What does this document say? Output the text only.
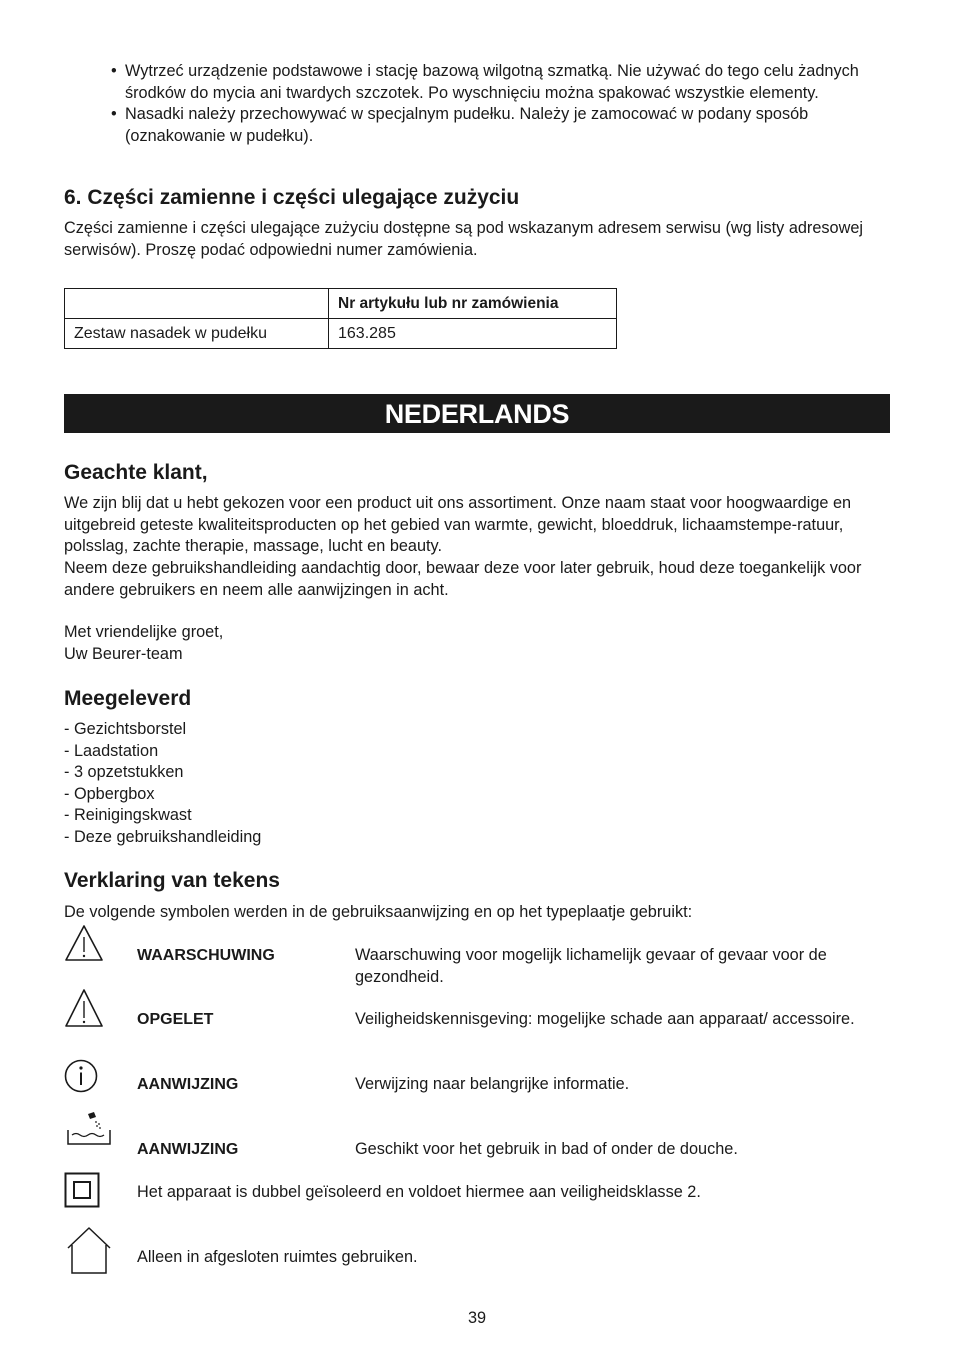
• Wytrzeć urządzenie podstawowe i stację bazową wilgotną szmatką. Nie używać do tego celu żadnych środków do mycia ani twardych szczotek. Po wyschnięciu można spakować wszystkie elementy.
• Nasadki należy przechowywać w specjalnym pudełku. Należy je zamocować w podany sposób (oznakowanie w pudełku).
6. Części zamienne i części ulegające zużyciu
Części zamienne i części ulegające zużyciu dostępne są pod wskazanym adresem serwisu (wg listy adresowej serwisów). Proszę podać odpowiedni numer zamówienia.
	Nr artykułu lub nr zamówienia
Zestaw nasadek w pudełku	163.285
NEDERLANDS
Geachte klant,
We zijn blij dat u hebt gekozen voor een product uit ons assortiment. Onze naam staat voor hoogwaardige en uitgebreid geteste kwaliteitsproducten op het gebied van warmte, gewicht, bloeddruk, lichaamstempe-ratuur, polsslag, zachte therapie, massage, lucht en beauty.
Neem deze gebruikshandleiding aandachtig door, bewaar deze voor later gebruik, houd deze toegankelijk voor andere gebruikers en neem alle aanwijzingen in acht.
Met vriendelijke groet,
Uw Beurer-team
Meegeleverd
- Gezichtsborstel
- Laadstation
- 3 opzetstukken
- Opbergbox
- Reinigingskwast
- Deze gebruikshandleiding
Verklaring van tekens
De volgende symbolen werden in de gebruiksaanwijzing en op het typeplaatje gebruikt:
WAARSCHUWING	Waarschuwing voor mogelijk lichamelijk gevaar of gevaar voor de gezondheid.
OPGELET	Veiligheidskennisgeving: mogelijke schade aan apparaat/ accessoire.
AANWIJZING	Verwijzing naar belangrijke informatie.
AANWIJZING	Geschikt voor het gebruik in bad of onder de douche.
Het apparaat is dubbel geïsoleerd en voldoet hiermee aan veiligheidsklasse 2.
Alleen in afgesloten ruimtes gebruiken.
39
